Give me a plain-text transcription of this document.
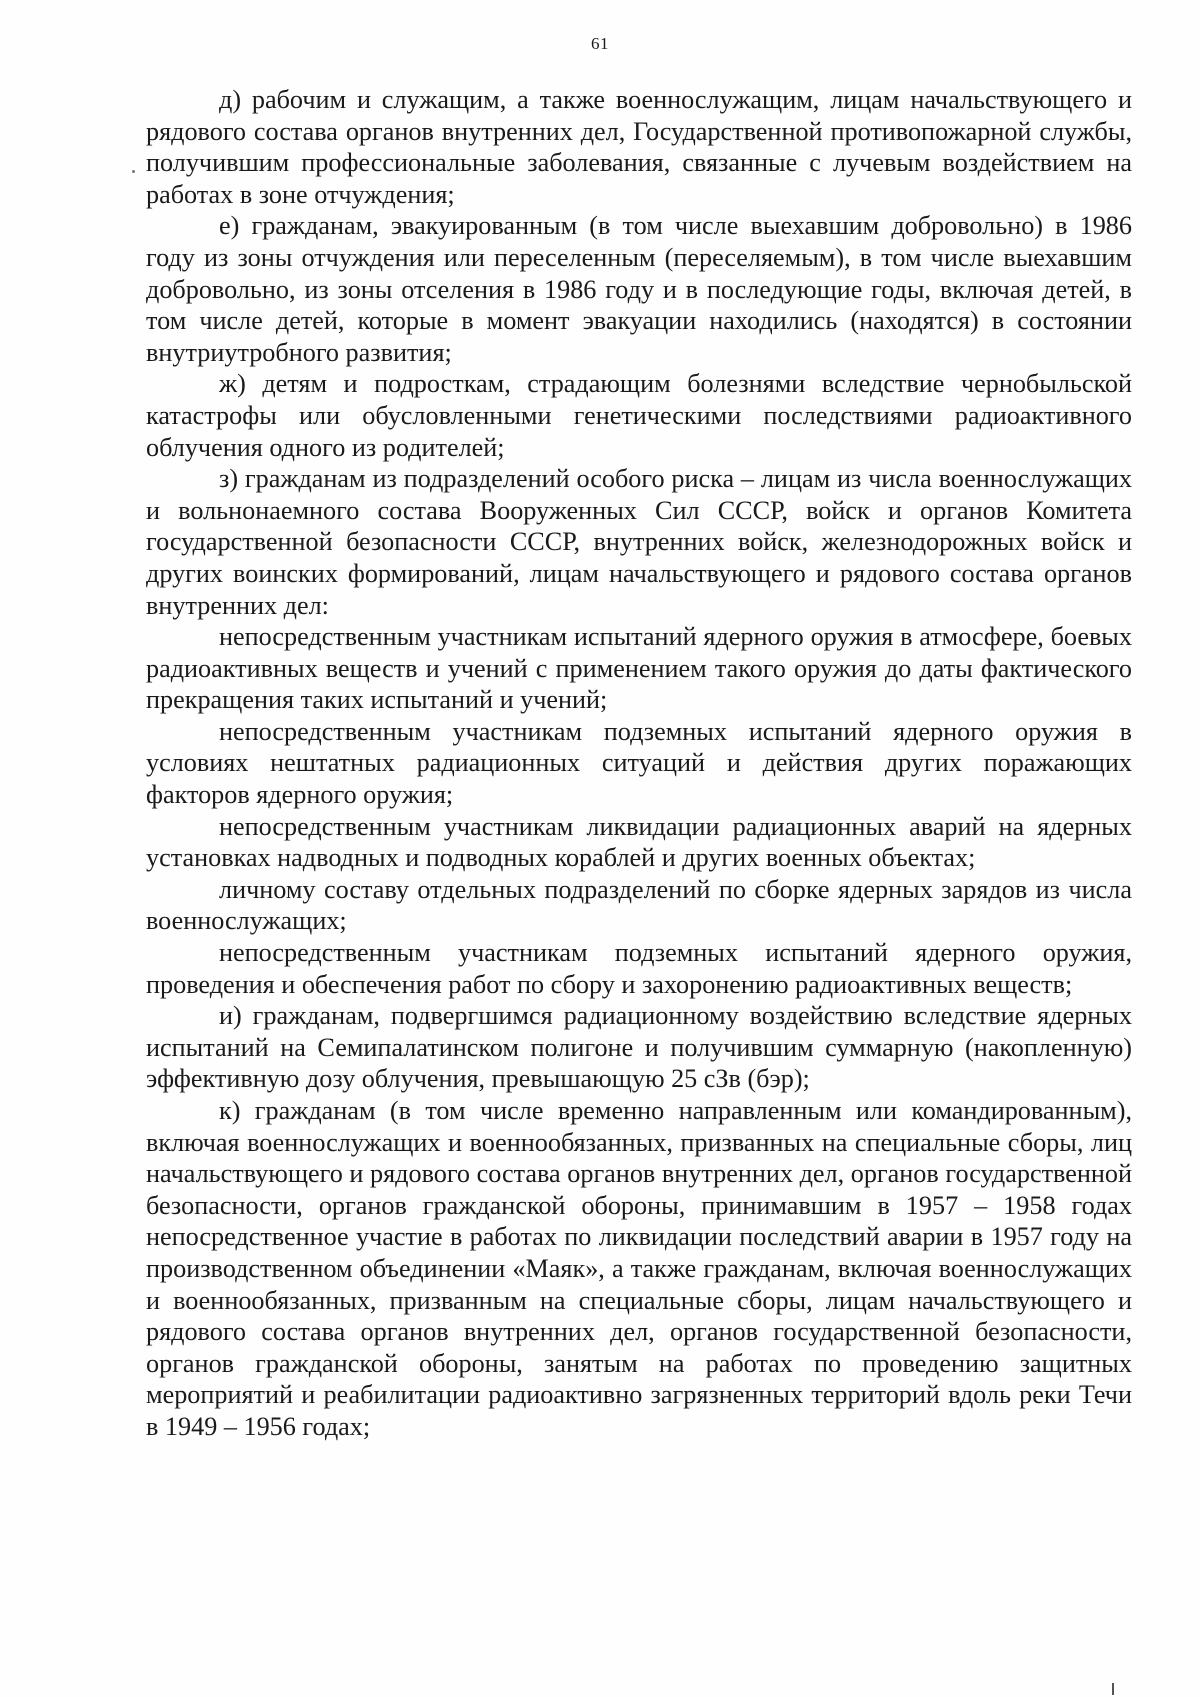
61

д) рабочим и служащим, а также военнослужащим, лицам начальствующего и рядового состава органов внутренних дел, Государственной противопожарной службы, получившим профессиональные заболевания, связанные с лучевым воздействием на работах в зоне отчуждения;

е) гражданам, эвакуированным (в том числе выехавшим добровольно) в 1986 году из зоны отчуждения или переселенным (переселяемым), в том числе выехавшим добровольно, из зоны отселения в 1986 году и в последующие годы, включая детей, в том числе детей, которые в момент эвакуации находились (находятся) в состоянии внутриутробного развития;

ж) детям и подросткам, страдающим болезнями вследствие чернобыльской катастрофы или обусловленными генетическими последствиями радиоактивного облучения одного из родителей;

з) гражданам из подразделений особого риска – лицам из числа военнослужащих и вольнонаемного состава Вооруженных Сил СССР, войск и органов Комитета государственной безопасности СССР, внутренних войск, железнодорожных войск и других воинских формирований, лицам начальствующего и рядового состава органов внутренних дел:

непосредственным участникам испытаний ядерного оружия в атмосфере, боевых радиоактивных веществ и учений с применением такого оружия до даты фактического прекращения таких испытаний и учений;

непосредственным участникам подземных испытаний ядерного оружия в условиях нештатных радиационных ситуаций и действия других поражающих факторов ядерного оружия;

непосредственным участникам ликвидации радиационных аварий на ядерных установках надводных и подводных кораблей и других военных объектах;

личному составу отдельных подразделений по сборке ядерных зарядов из числа военнослужащих;

непосредственным участникам подземных испытаний ядерного оружия, проведения и обеспечения работ по сбору и захоронению радиоактивных веществ;

и) гражданам, подвергшимся радиационному воздействию вследствие ядерных испытаний на Семипалатинском полигоне и получившим суммарную (накопленную) эффективную дозу облучения, превышающую 25 сЗв (бэр);

к) гражданам (в том числе временно направленным или командированным), включая военнослужащих и военнообязанных, призванных на специальные сборы, лиц начальствующего и рядового состава органов внутренних дел, органов государственной безопасности, органов гражданской обороны, принимавшим в 1957 – 1958 годах непосредственное участие в работах по ликвидации последствий аварии в 1957 году на производственном объединении «Маяк», а также гражданам, включая военнослужащих и военнообязанных, призванным на специальные сборы, лицам начальствующего и рядового состава органов внутренних дел, органов государственной безопасности, органов гражданской обороны, занятым на работах по проведению защитных мероприятий и реабилитации радиоактивно загрязненных территорий вдоль реки Течи в 1949 – 1956 годах;
